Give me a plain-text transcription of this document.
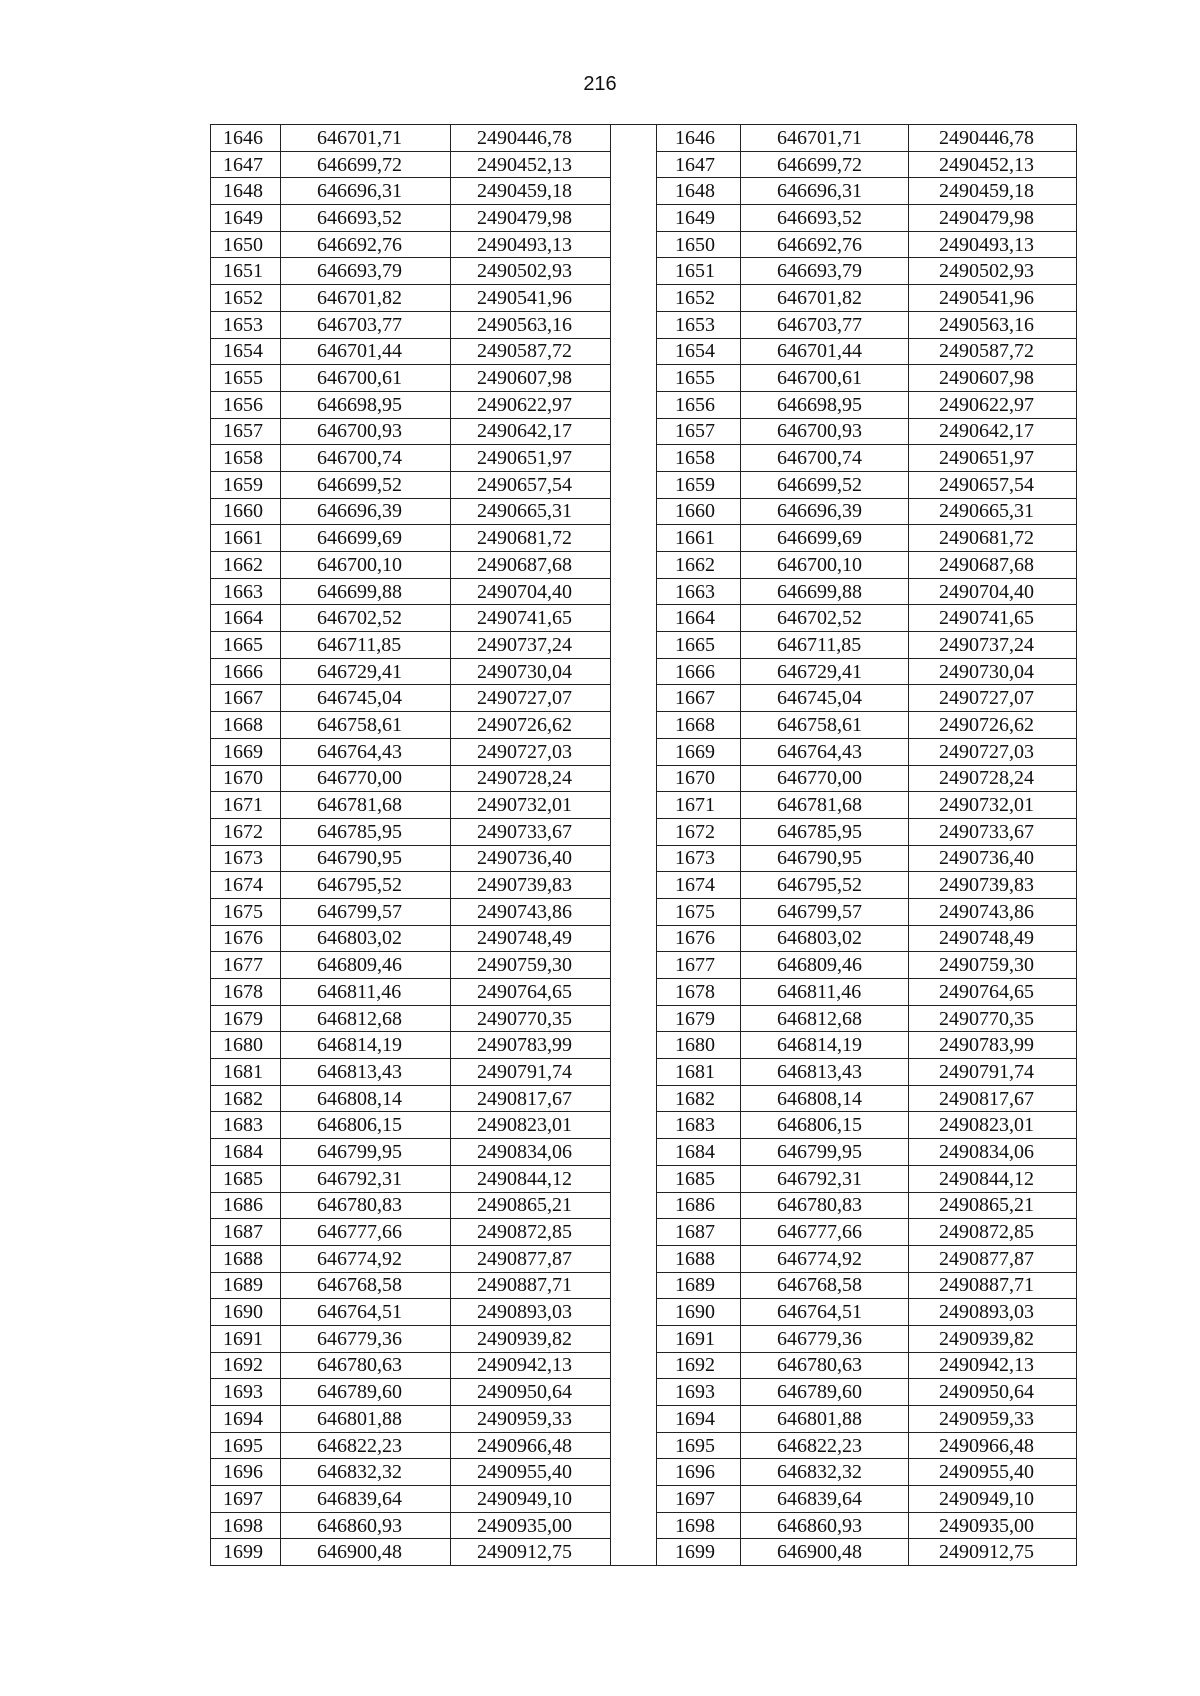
216
1646	646701,71	2490446,78		1646	646701,71	2490446,78
1647	646699,72	2490452,13		1647	646699,72	2490452,13
1648	646696,31	2490459,18		1648	646696,31	2490459,18
1649	646693,52	2490479,98		1649	646693,52	2490479,98
1650	646692,76	2490493,13		1650	646692,76	2490493,13
1651	646693,79	2490502,93		1651	646693,79	2490502,93
1652	646701,82	2490541,96		1652	646701,82	2490541,96
1653	646703,77	2490563,16		1653	646703,77	2490563,16
1654	646701,44	2490587,72		1654	646701,44	2490587,72
1655	646700,61	2490607,98		1655	646700,61	2490607,98
1656	646698,95	2490622,97		1656	646698,95	2490622,97
1657	646700,93	2490642,17		1657	646700,93	2490642,17
1658	646700,74	2490651,97		1658	646700,74	2490651,97
1659	646699,52	2490657,54		1659	646699,52	2490657,54
1660	646696,39	2490665,31		1660	646696,39	2490665,31
1661	646699,69	2490681,72		1661	646699,69	2490681,72
1662	646700,10	2490687,68		1662	646700,10	2490687,68
1663	646699,88	2490704,40		1663	646699,88	2490704,40
1664	646702,52	2490741,65		1664	646702,52	2490741,65
1665	646711,85	2490737,24		1665	646711,85	2490737,24
1666	646729,41	2490730,04		1666	646729,41	2490730,04
1667	646745,04	2490727,07		1667	646745,04	2490727,07
1668	646758,61	2490726,62		1668	646758,61	2490726,62
1669	646764,43	2490727,03		1669	646764,43	2490727,03
1670	646770,00	2490728,24		1670	646770,00	2490728,24
1671	646781,68	2490732,01		1671	646781,68	2490732,01
1672	646785,95	2490733,67		1672	646785,95	2490733,67
1673	646790,95	2490736,40		1673	646790,95	2490736,40
1674	646795,52	2490739,83		1674	646795,52	2490739,83
1675	646799,57	2490743,86		1675	646799,57	2490743,86
1676	646803,02	2490748,49		1676	646803,02	2490748,49
1677	646809,46	2490759,30		1677	646809,46	2490759,30
1678	646811,46	2490764,65		1678	646811,46	2490764,65
1679	646812,68	2490770,35		1679	646812,68	2490770,35
1680	646814,19	2490783,99		1680	646814,19	2490783,99
1681	646813,43	2490791,74		1681	646813,43	2490791,74
1682	646808,14	2490817,67		1682	646808,14	2490817,67
1683	646806,15	2490823,01		1683	646806,15	2490823,01
1684	646799,95	2490834,06		1684	646799,95	2490834,06
1685	646792,31	2490844,12		1685	646792,31	2490844,12
1686	646780,83	2490865,21		1686	646780,83	2490865,21
1687	646777,66	2490872,85		1687	646777,66	2490872,85
1688	646774,92	2490877,87		1688	646774,92	2490877,87
1689	646768,58	2490887,71		1689	646768,58	2490887,71
1690	646764,51	2490893,03		1690	646764,51	2490893,03
1691	646779,36	2490939,82		1691	646779,36	2490939,82
1692	646780,63	2490942,13		1692	646780,63	2490942,13
1693	646789,60	2490950,64		1693	646789,60	2490950,64
1694	646801,88	2490959,33		1694	646801,88	2490959,33
1695	646822,23	2490966,48		1695	646822,23	2490966,48
1696	646832,32	2490955,40		1696	646832,32	2490955,40
1697	646839,64	2490949,10		1697	646839,64	2490949,10
1698	646860,93	2490935,00		1698	646860,93	2490935,00
1699	646900,48	2490912,75		1699	646900,48	2490912,75
